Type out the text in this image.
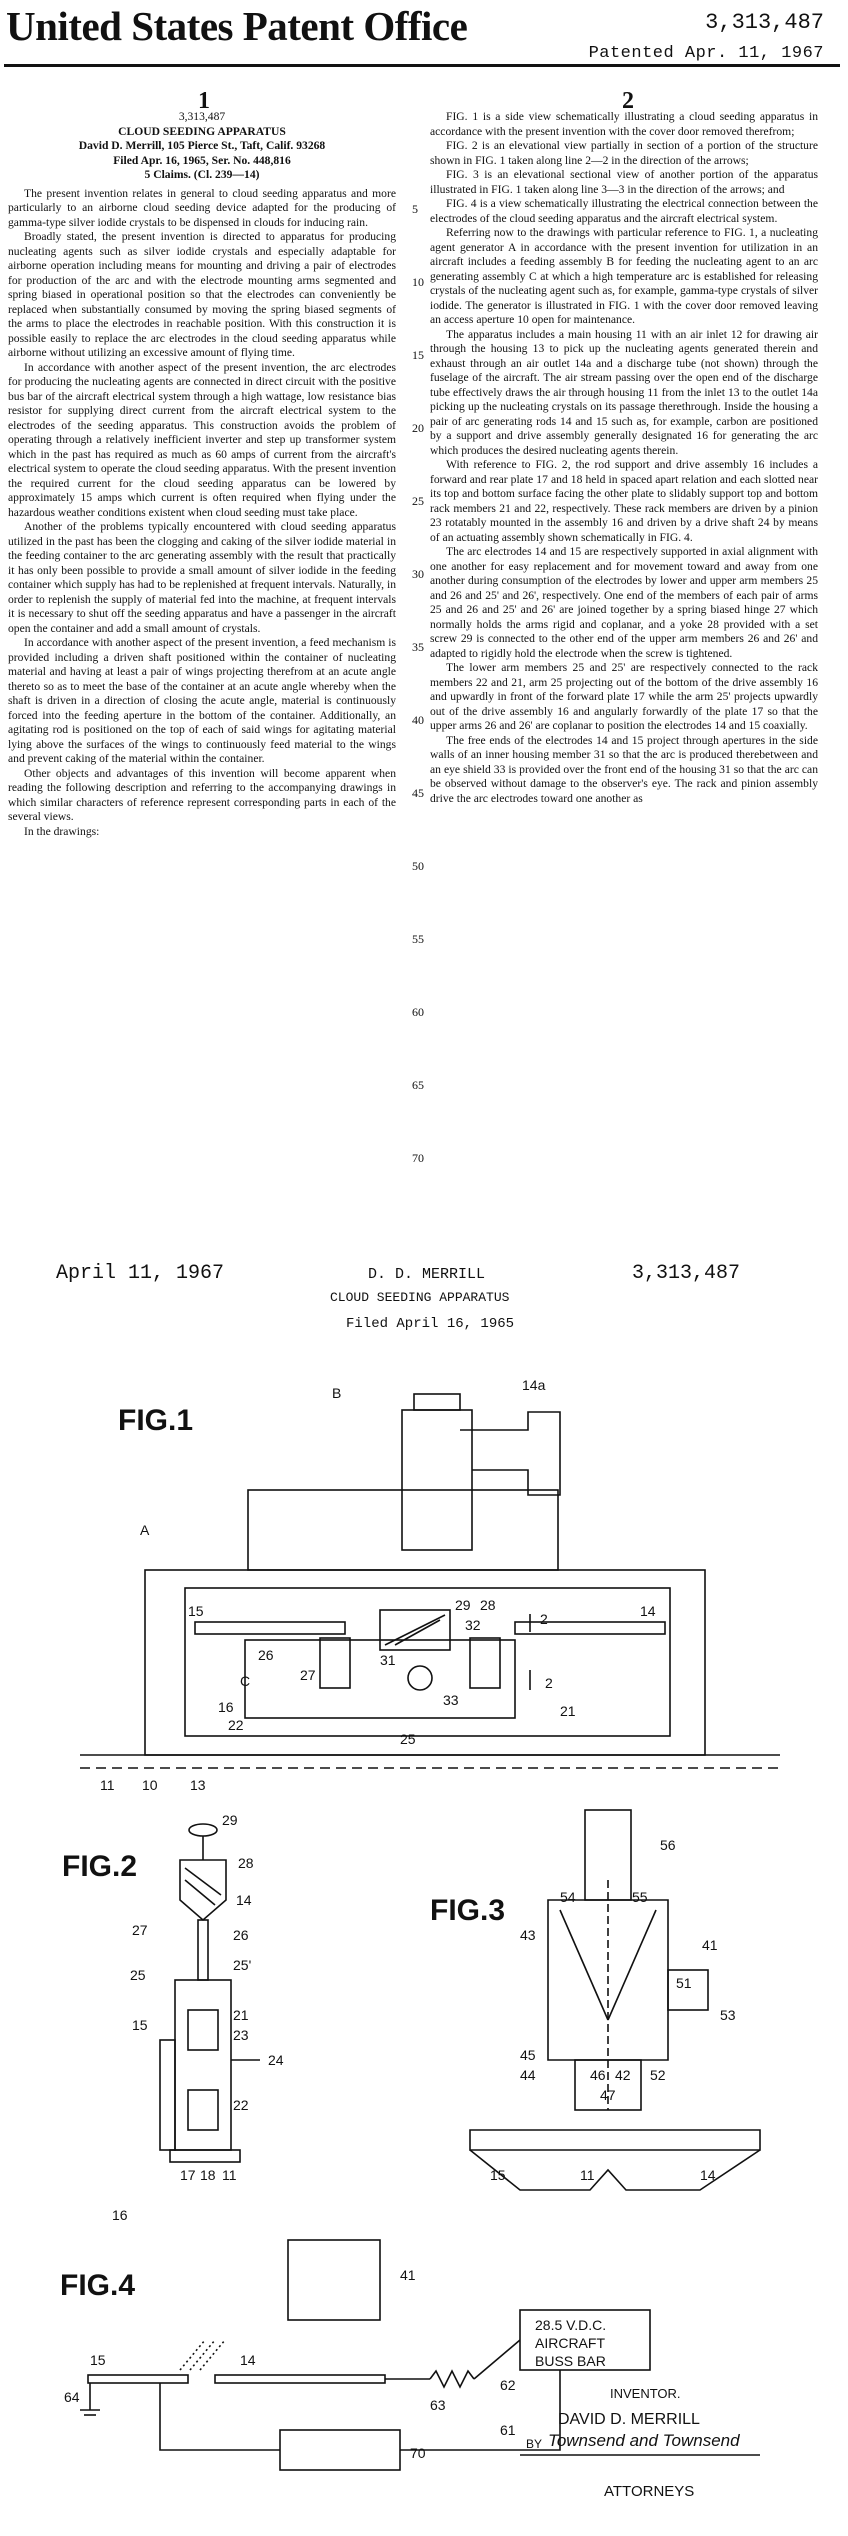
United States Patent Office	3,313,487
Patented Apr. 11, 1967
1	2
3,313,487
CLOUD SEEDING APPARATUS
David D. Merrill, 105 Pierce St., Taft, Calif. 93268
Filed Apr. 16, 1965, Ser. No. 448,816
5 Claims. (Cl. 239—14)

The present invention relates in general to cloud seeding apparatus and more particularly to an airborne cloud seeding device adapted for the producing of gamma-type silver iodide crystals to be dispensed in clouds for inducing rain.

Broadly stated, the present invention is directed to apparatus for producing nucleating agents such as silver iodide crystals and especially adaptable for airborne operation including means for mounting and driving a pair of electrodes for production of the arc and with the electrode mounting arms segmented and spring biased in operational position so that the electrodes can conveniently be replaced when substantially consumed by moving the spring biased segments of the arms to place the electrodes in reachable position. With this construction it is possible easily to replace the arc electrodes in the cloud seeding apparatus while airborne without utilizing an excessive amount of flying time.

In accordance with another aspect of the present invention, the arc electrodes for producing the nucleating agents are connected in direct circuit with the positive bus bar of the aircraft electrical system through a high wattage, low resistance bias resistor for supplying direct current from the aircraft electrical system to the electrodes of the seeding apparatus. This construction avoids the problem of operating through a relatively inefficient inverter and step up transformer system which in the past has required as much as 60 amps of current from the aircraft's electrical system to operate the cloud seeding apparatus. With the present invention the required current for the cloud seeding apparatus can be lowered by approximately 15 amps which current is often required when flying under the hazardous weather conditions existent when cloud seeding must take place.

Another of the problems typically encountered with cloud seeding apparatus utilized in the past has been the clogging and caking of the silver iodide material in the feeding container to the arc generating assembly with the result that practically it has only been possible to provide a small amount of silver iodide in the feeding container which supply has had to be replenished at frequent intervals. Naturally, in order to replenish the supply of material fed into the machine, at frequent intervals it is necessary to shut off the seeding apparatus and have a passenger in the aircraft open the container and add a small amount of crystals.

In accordance with another aspect of the present invention, a feed mechanism is provided including a driven shaft positioned within the container of nucleating material and having at least a pair of wings projecting therefrom at an acute angle thereto so as to meet the base of the container at an acute angle whereby when the shaft is driven in a direction of closing the acute angle, material is continuously forced into the feeding aperture in the bottom of the container. Additionally, an agitating rod is positioned on the top of each of said wings for agitating material lying above the surfaces of the wings to continuously feed material to the wings and prevent caking of the material within the container.

Other objects and advantages of this invention will become apparent when reading the following description and referring to the accompanying drawings in which similar characters of reference represent corresponding parts in each of the several views.

In the drawings:

FIG. 1 is a side view schematically illustrating a cloud seeding apparatus in accordance with the present invention with the cover door removed therefrom;

FIG. 2 is an elevational view partially in section of a portion of the structure shown in FIG. 1 taken along line 2—2 in the direction of the arrows;

FIG. 3 is an elevational sectional view of another portion of the apparatus illustrated in FIG. 1 taken along line 3—3 in the direction of the arrows; and

FIG. 4 is a view schematically illustrating the electrical connection between the electrodes of the cloud seeding apparatus and the aircraft electrical system.

Referring now to the drawings with particular reference to FIG. 1, a nucleating agent generator A in accordance with the present invention for utilization in an aircraft includes a feeding assembly B for feeding the nucleating agent to an arc generating assembly C at which a high temperature arc is established for releasing crystals of the nucleating agent such as, for example, gamma-type crystals of silver iodide. The generator is illustrated in FIG. 1 with the cover door removed leaving an access aperture 10 open for maintenance.

The apparatus includes a main housing 11 with an air inlet 12 for drawing air through the housing 13 to pick up the nucleating agents generated therein and exhaust through an air outlet 14a and a discharge tube (not shown) through the fuselage of the aircraft. The air stream passing over the open end of the discharge tube effectively draws the air through housing 11 from the inlet 13 to the outlet 14a picking up the nucleating crystals on its passage therethrough. Inside the housing a pair of arc generating rods 14 and 15 such as, for example, carbon are positioned by a support and drive assembly generally designated 16 for generating the arc which produces the desired nucleating agents therein.

With reference to FIG. 2, the rod support and drive assembly 16 includes a forward and rear plate 17 and 18 held in spaced apart relation and each slotted near its top and bottom surface facing the other plate to slidably support top and bottom rack members 21 and 22, respectively. These rack members are driven by a pinion 23 rotatably mounted in the assembly 16 and driven by a drive shaft 24 by means of an actuating assembly shown schematically in FIG. 4.

The arc electrodes 14 and 15 are respectively supported in axial alignment with one another for easy replacement and for movement toward and away from one another during consumption of the electrodes by lower and upper arm members 25 and 26 and 25' and 26', respectively. One end of the members of each pair of arms 25 and 26 and 25' and 26' are joined together by a spring biased hinge 27 which normally holds the arms rigid and coplanar, and a yoke 28 provided with a set screw 29 is connected to the other end of the upper arm members 26 and 26' and adapted to rigidly hold the electrode when the screw is tightened.

The lower arm members 25 and 25' are respectively connected to the rack members 22 and 21, arm 25 projecting out of the bottom of the drive assembly 16 and upwardly in front of the forward plate 17 while the arm 25' projects upwardly out of the drive assembly 16 and angularly forwardly of the plate 17 so that the upper arms 26 and 26' are coplanar to position the electrodes 14 and 15 coaxially.

The free ends of the electrodes 14 and 15 project through apertures in the side walls of an inner housing member 31 so that the arc is produced therebetween and an eye shield 33 is provided over the front end of the housing 31 so that the arc can be observed without damage to the observer's eye. The rack and pinion assembly drive the arc electrodes toward one another as

5
10
15
20
25
30
35
40
45
50
55
60
65
70
April 11, 1967	D. D. MERRILL	3,313,487
CLOUD SEEDING APPARATUS
Filed April 16, 1965
FIG.1
B	14a
A
15	29 28
2
32
14
26
C
31
2
27
21
16	33
22
25
11 10 13
FIG.2
29
28
14
27	26
25
25'
21
23
24
15
22
17 18 11
16
FIG.3
56
54	55
43
41
53
51
45
44	46 42 52
47
15	11	14
FIG.4	41
15	14
64	63
62
61
70
28.5 V.D.C.
AIRCRAFT
BUSS BAR
INVENTOR.
DAVID D. MERRILL
BY Townsend and Townsend
ATTORNEYS
